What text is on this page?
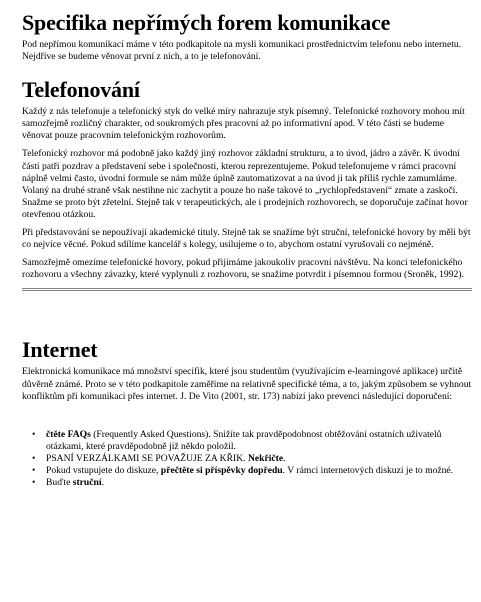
Specifika nepřímých forem komunikace

Pod nepřímou komunikací máme v této podkapitole na mysli komunikaci prostřednictvím telefonu nebo internetu. Nejdříve se budeme věnovat první z nich, a to je telefonování.

Telefonování

Každý z nás telefonuje a telefonický styk do velké míry nahrazuje styk písemný. Telefonické rozhovory mohou mít samozřejmě rozličný charakter, od soukromých přes pracovní až po informativní apod. V této části se budeme věnovat pouze pracovním telefonickým rozhovorům.

Telefonický rozhovor má podobně jako každý jiný rozhovor základní strukturu, a to úvod, jádro a závěr. K úvodní části patří pozdrav a představení sebe i společnosti, kterou reprezentujeme. Pokud telefonujeme v rámci pracovní náplně velmi často, úvodní formule se nám může úplně zautomatizovat a na úvod ji tak příliš rychle zamumláme. Volaný na druhé straně však nestihne nic zachytit a pouze ho naše takové to „rychlopředstavení“ zmate a zaskočí. Snažme se proto být zřetelní. Stejně tak v terapeutických, ale i prodejních rozhovorech, se doporučuje začínat hovor otevřenou otázkou.

Při představování se nepoužívají akademické tituly. Stejně tak se snažíme být struční, telefonické hovory by měli být co nejvíce věcné. Pokud sdílíme kancelář s kolegy, usilujeme o to, abychom ostatní vyrušovali co nejméně.

Samozřejmě omezíme telefonické hovory, pokud přijímáme jakoukoliv pracovní návštěvu. Na konci telefonického rozhovoru a všechny závazky, které vyplynuli z rozhovoru, se snažíme potvrdit i písemnou formou (Sroněk, 1992).

Internet

Elektronická komunikace má množství specifik, které jsou studentům (využívajícím e-learningové aplikace) určitě důvěrně známé. Proto se v této podkapitole zaměříme na relativně specifické téma, a to, jakým způsobem se vyhnout konfliktům při komunikaci přes internet. J. De Vito (2001, str. 173) nabízí jako prevenci následující doporučení:

• čtěte FAQs (Frequently Asked Questions). Snižíte tak pravděpodobnost obtěžování ostatních uživatelů otázkami, které pravděpodobně již někdo položil.
• PSANÍ VERZÁLKAMI SE POVAŽUJE ZA KŘIK. Nekřičte.
• Pokud vstupujete do diskuze, přečtěte si příspěvky dopředu. V rámci internetových diskuzí je to možné.
• Buďte struční.
